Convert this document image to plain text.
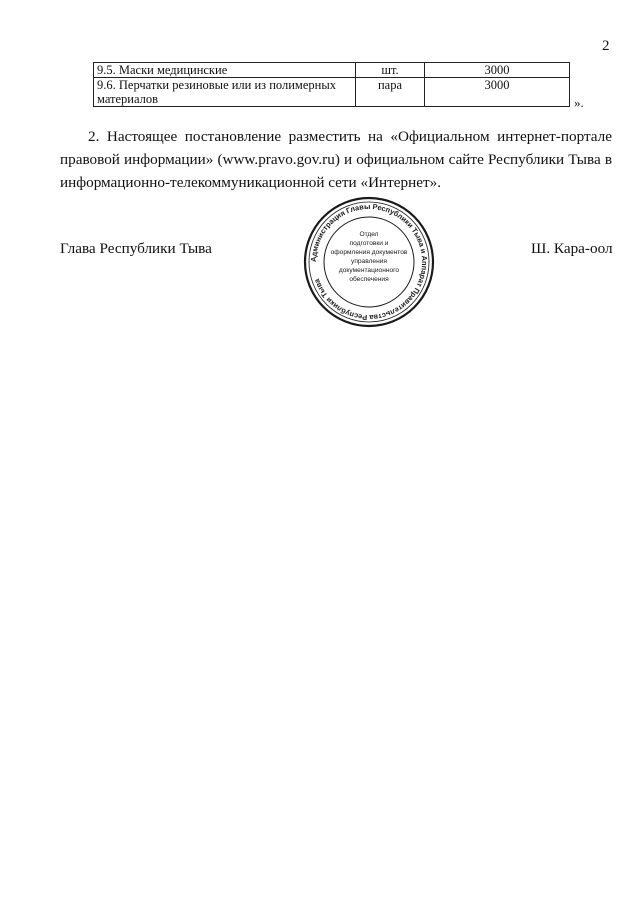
2
9.5. Маски медицинские	шт.	3000
9.6. Перчатки резиновые или из полимерных материалов	пара	3000
».

2. Настоящее постановление разместить на «Официальном интернет-портале правовой информации» (www.pravo.gov.ru) и официальном сайте Республики Тыва в информационно-телекоммуникационной сети «Интернет».

Глава Республики Тыва	Ш. Кара-оол
Администрация Главы Республики Тыва и Аппарат Правительства Республики Тыва
Отдел
подготовки и
оформления документов
управления
документационного
обеспечения
